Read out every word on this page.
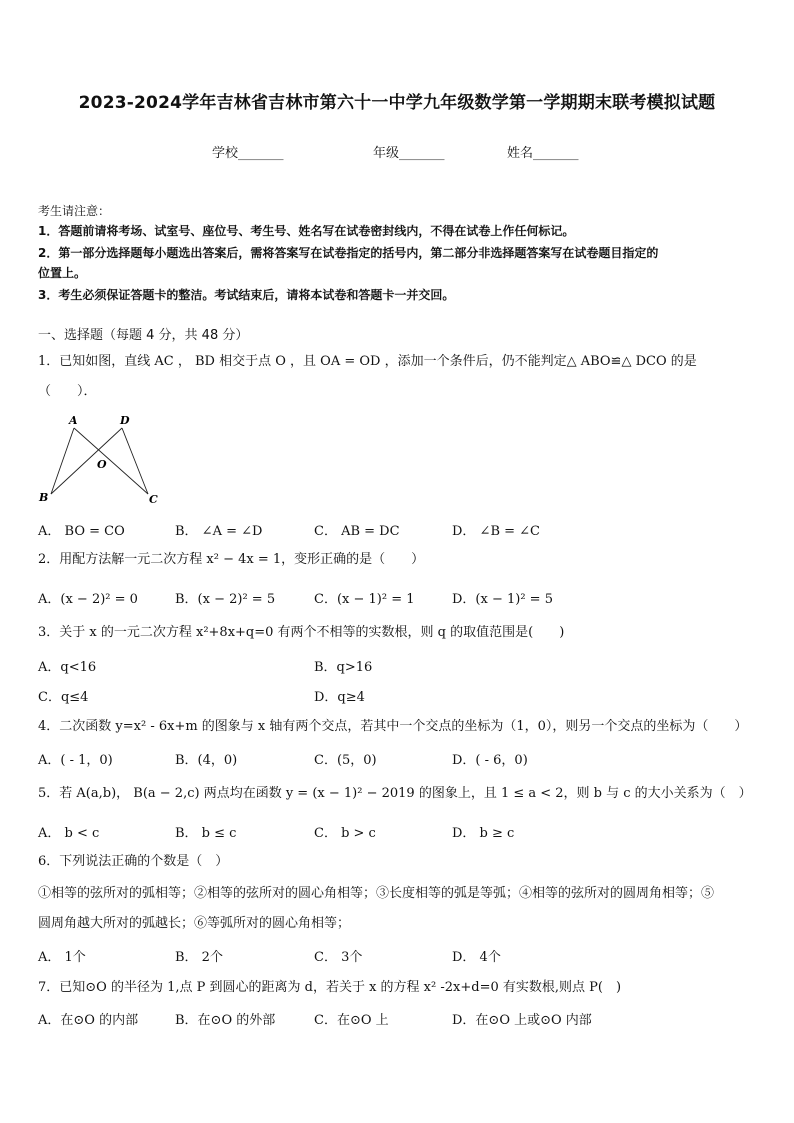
2023-2024学年吉林省吉林市第六十一中学九年级数学第一学期期末联考模拟试题
学校_______	年级_______	姓名_______
考生请注意：
1．答题前请将考场、试室号、座位号、考生号、姓名写在试卷密封线内，不得在试卷上作任何标记。
2．第一部分选择题每小题选出答案后，需将答案写在试卷指定的括号内，第二部分非选择题答案写在试卷题目指定的
位置上。
3．考生必须保证答题卡的整洁。考试结束后，请将本试卷和答题卡一并交回。
一、选择题（每题 4 分，共 48 分）
1．已知如图，直线 AC ， BD 相交于点 O ，且 OA = OD ，添加一个条件后，仍不能判定△ ABO≌△ DCO 的是
（　　）．
A	D
O
B	C
A． BO = CO	B． ∠A = ∠D	C． AB = DC	D． ∠B = ∠C
2．用配方法解一元二次方程 x² − 4x = 1，变形正确的是（　　）
A．(x − 2)² = 0	B．(x − 2)² = 5	C．(x − 1)² = 1	D．(x − 1)² = 5
3．关于 x 的一元二次方程 x²+8x+q=0 有两个不相等的实数根，则 q 的取值范围是(　　)
A．q<16	B．q>16
C．q≤4	D．q≥4
4．二次函数 y=x² - 6x+m 的图象与 x 轴有两个交点，若其中一个交点的坐标为（1，0），则另一个交点的坐标为（　　）
A．( - 1，0)	B．(4，0)	C．(5，0)	D．( - 6，0)
5．若 A(a,b)， B(a − 2,c) 两点均在函数 y = (x − 1)² − 2019 的图象上，且 1 ≤ a < 2，则 b 与 c 的大小关系为（　）
A． b < c	B． b ≤ c	C． b > c	D． b ≥ c
6．下列说法正确的个数是（　）
①相等的弦所对的弧相等；②相等的弦所对的圆心角相等；③长度相等的弧是等弧；④相等的弦所对的圆周角相等；⑤
圆周角越大所对的弧越长；⑥等弧所对的圆心角相等；
A． 1个	B． 2个	C． 3个	D． 4个
7．已知⊙O 的半径为 1,点 P 到圆心的距离为 d，若关于 x 的方程 x² -2x+d=0 有实数根,则点 P(　)
A．在⊙O 的内部	B．在⊙O 的外部	C．在⊙O 上	D．在⊙O 上或⊙O 内部
